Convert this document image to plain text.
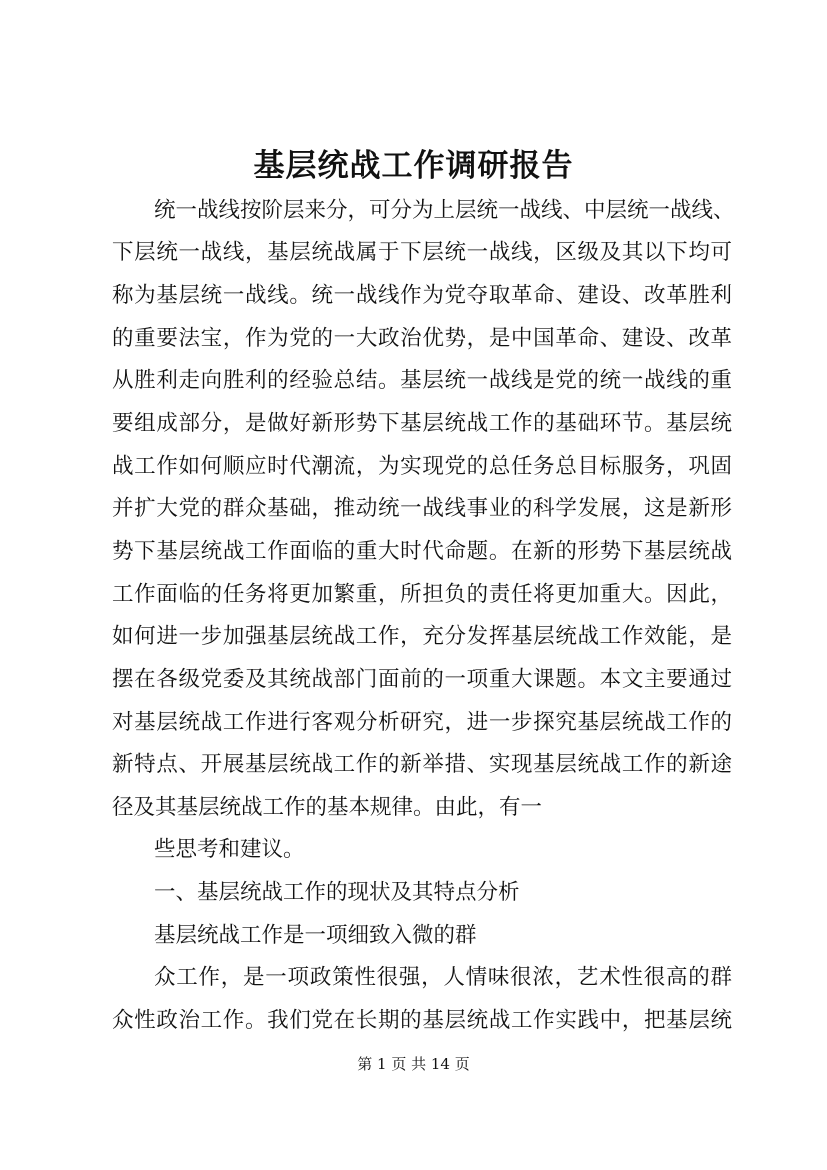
基层统战工作调研报告
统一战线按阶层来分，可分为上层统一战线、中层统一战线、
下层统一战线，基层统战属于下层统一战线，区级及其以下均可
称为基层统一战线。统一战线作为党夺取革命、建设、改革胜利
的重要法宝，作为党的一大政治优势，是中国革命、建设、改革
从胜利走向胜利的经验总结。基层统一战线是党的统一战线的重
要组成部分，是做好新形势下基层统战工作的基础环节。基层统
战工作如何顺应时代潮流，为实现党的总任务总目标服务，巩固
并扩大党的群众基础，推动统一战线事业的科学发展，这是新形
势下基层统战工作面临的重大时代命题。在新的形势下基层统战
工作面临的任务将更加繁重，所担负的责任将更加重大。因此，
如何进一步加强基层统战工作，充分发挥基层统战工作效能，是
摆在各级党委及其统战部门面前的一项重大课题。本文主要通过
对基层统战工作进行客观分析研究，进一步探究基层统战工作的
新特点、开展基层统战工作的新举措、实现基层统战工作的新途
径及其基层统战工作的基本规律。由此，有一
些思考和建议。
一、基层统战工作的现状及其特点分析
基层统战工作是一项细致入微的群
众工作，是一项政策性很强，人情味很浓，艺术性很高的群
众性政治工作。我们党在长期的基层统战工作实践中，把基层统
第 1 页 共 14 页
